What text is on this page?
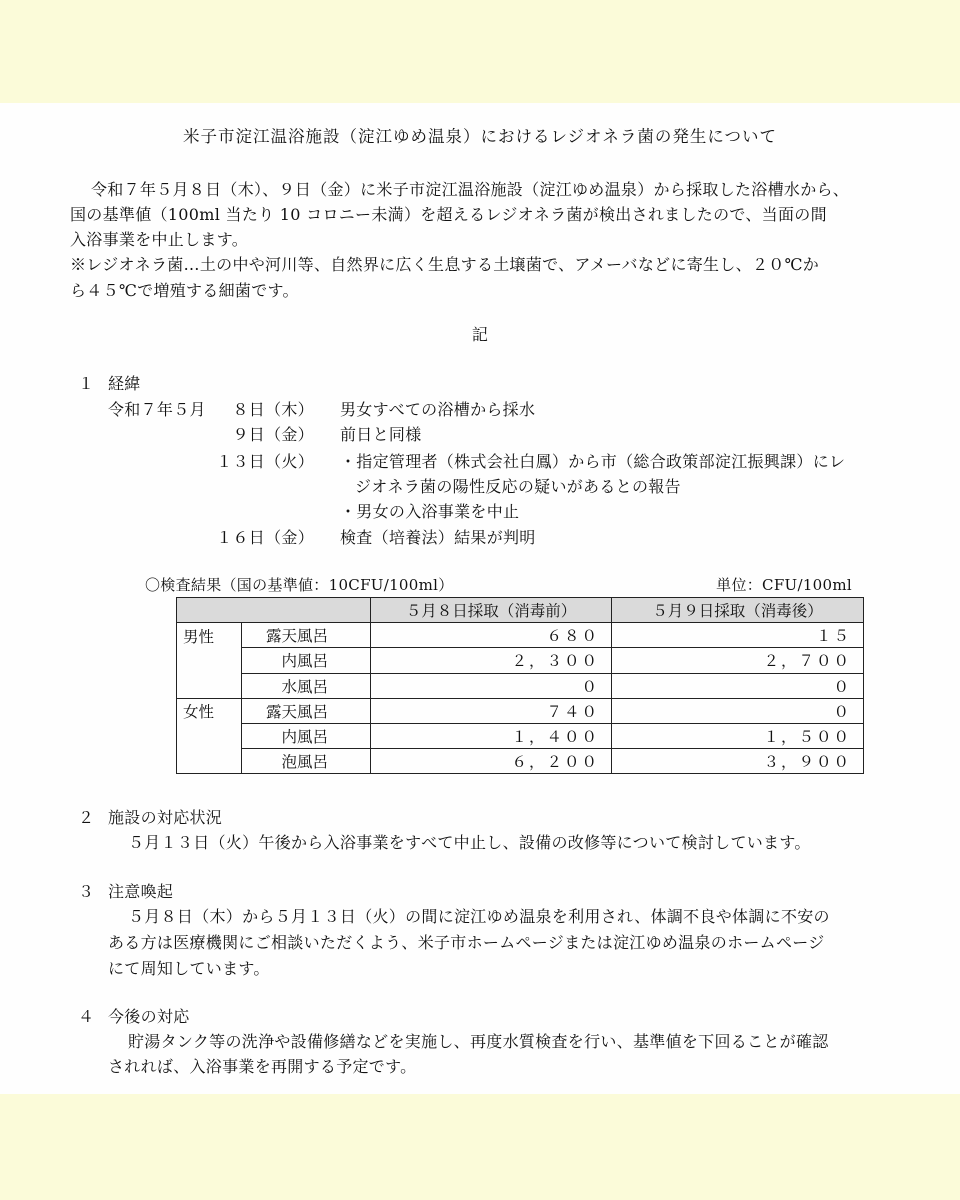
米子市淀江温浴施設（淀江ゆめ温泉）におけるレジオネラ菌の発生について
令和７年５月８日（木）、９日（金）に米子市淀江温浴施設（淀江ゆめ温泉）から採取した浴槽水から、
国の基準値（100ml 当たり 10 コロニー未満）を超えるレジオネラ菌が検出されましたので、当面の間
入浴事業を中止します。
※レジオネラ菌…土の中や河川等、自然界に広く生息する土壌菌で、アメーバなどに寄生し、２０℃か
ら４５℃で増殖する細菌です。
記
１ 経緯
令和７年５月 ８日（木） 男女すべての浴槽から採水
９日（金） 前日と同様
１３日（火） ・指定管理者（株式会社白鳳）から市（総合政策部淀江振興課）にレ
ジオネラ菌の陽性反応の疑いがあるとの報告
・男女の入浴事業を中止
１６日（金） 検査（培養法）結果が判明
〇検査結果（国の基準値：10CFU/100ml）	単位：CFU/100ml
		５月８日採取（消毒前）	５月９日採取（消毒後）
男性	露天風呂	６８０	１５
	内風呂	２，３００	２，７００
	水風呂	０	０
女性	露天風呂	７４０	０
	内風呂	１，４００	１，５００
	泡風呂	６，２００	３，９００
２ 施設の対応状況
５月１３日（火）午後から入浴事業をすべて中止し、設備の改修等について検討しています。
３ 注意喚起
５月８日（木）から５月１３日（火）の間に淀江ゆめ温泉を利用され、体調不良や体調に不安の
ある方は医療機関にご相談いただくよう、米子市ホームページまたは淀江ゆめ温泉のホームページ
にて周知しています。
４ 今後の対応
貯湯タンク等の洗浄や設備修繕などを実施し、再度水質検査を行い、基準値を下回ることが確認
されれば、入浴事業を再開する予定です。
